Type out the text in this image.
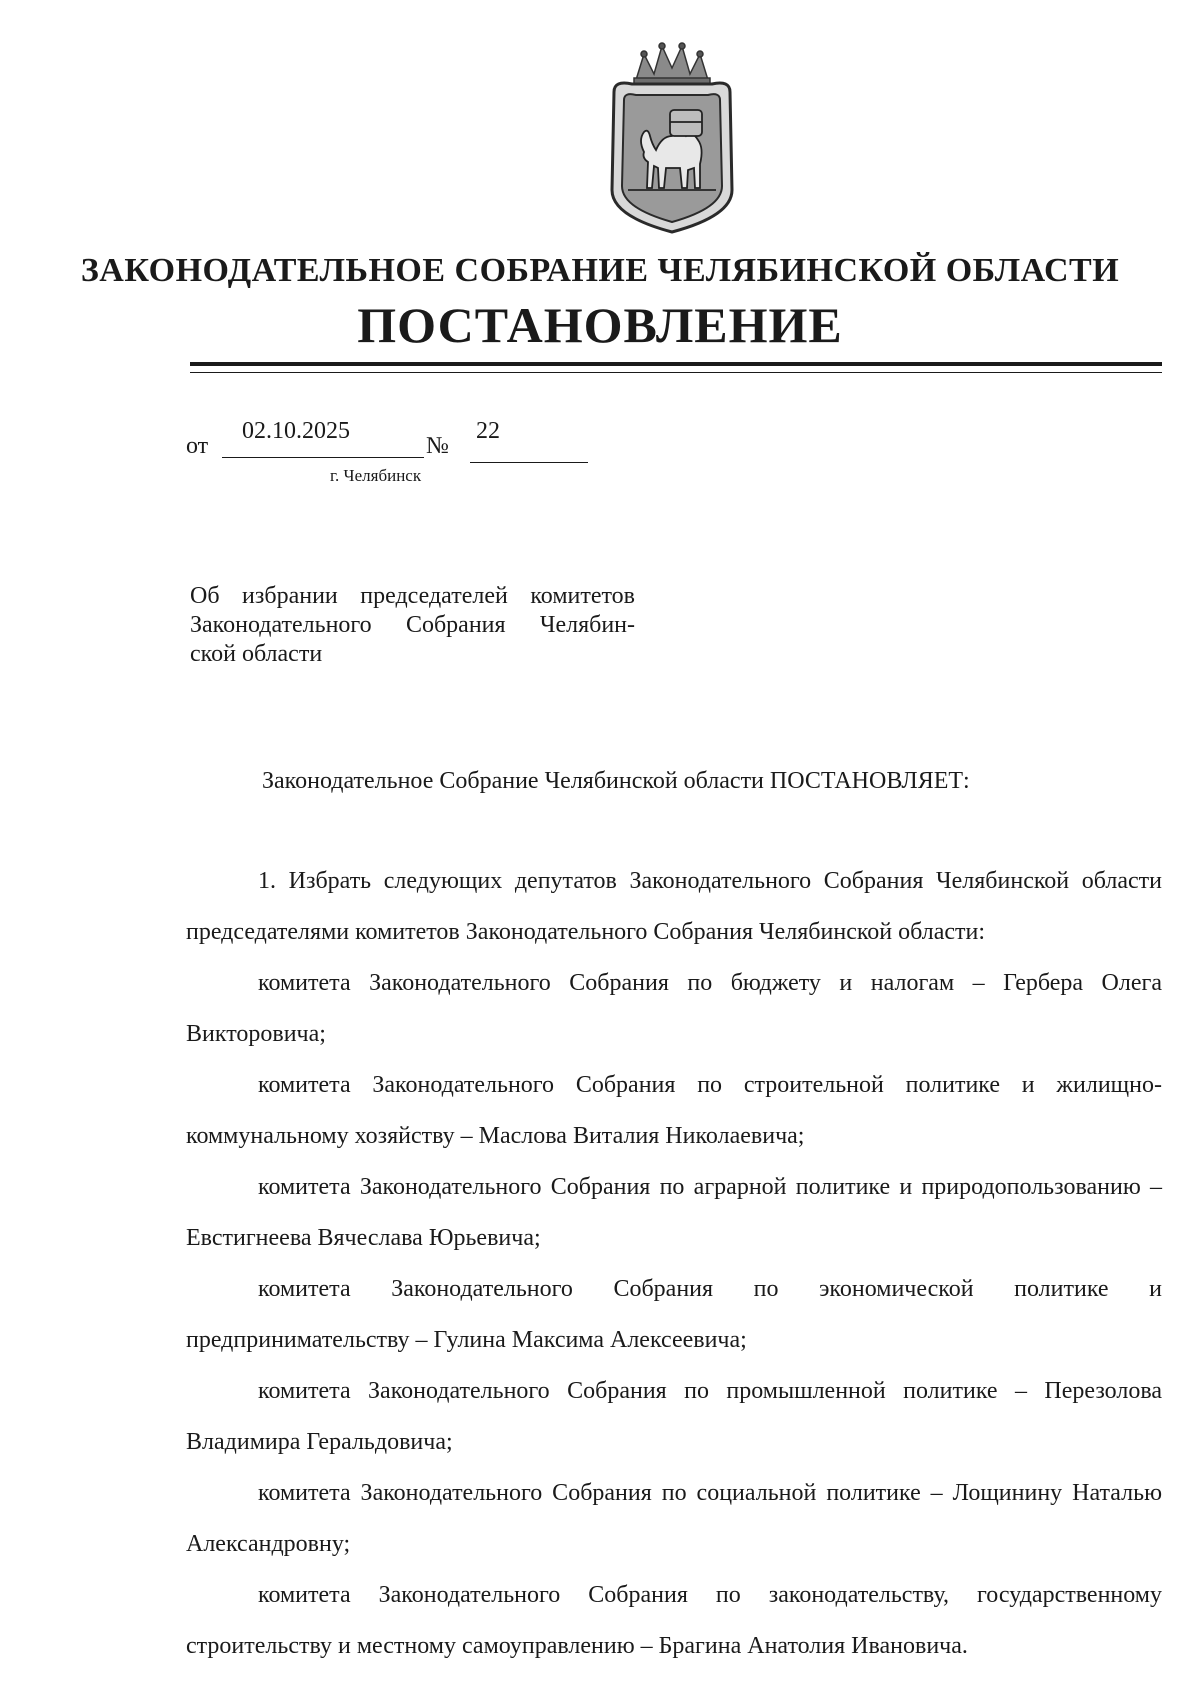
ЗАКОНОДАТЕЛЬНОЕ СОБРАНИЕ ЧЕЛЯБИНСКОЙ ОБЛАСТИ
ПОСТАНОВЛЕНИЕ
от
02.10.2025
№
22
г. Челябинск
Об избрании председателей комитетов
Законодательного Собрания Челябин-
ской области
Законодательное Собрание Челябинской области ПОСТАНОВЛЯЕТ:

1. Избрать следующих депутатов Законодательного Собрания Челябинской области председателями комитетов Законодательного Собрания Челябинской области:

комитета Законодательного Собрания по бюджету и налогам – Гербера Олега Викторовича;

комитета Законодательного Собрания по строительной политике и жилищно-коммунальному хозяйству – Маслова Виталия Николаевича;

комитета Законодательного Собрания по аграрной политике и природопользованию – Евстигнеева Вячеслава Юрьевича;

комитета Законодательного Собрания по экономической политике и предпринимательству – Гулина Максима Алексеевича;

комитета Законодательного Собрания по промышленной политике – Перезолова Владимира Геральдовича;

комитета Законодательного Собрания по социальной политике – Лощинину Наталью Александровну;

комитета Законодательного Собрания по законодательству, государственному строительству и местному самоуправлению – Брагина Анатолия Ивановича.
